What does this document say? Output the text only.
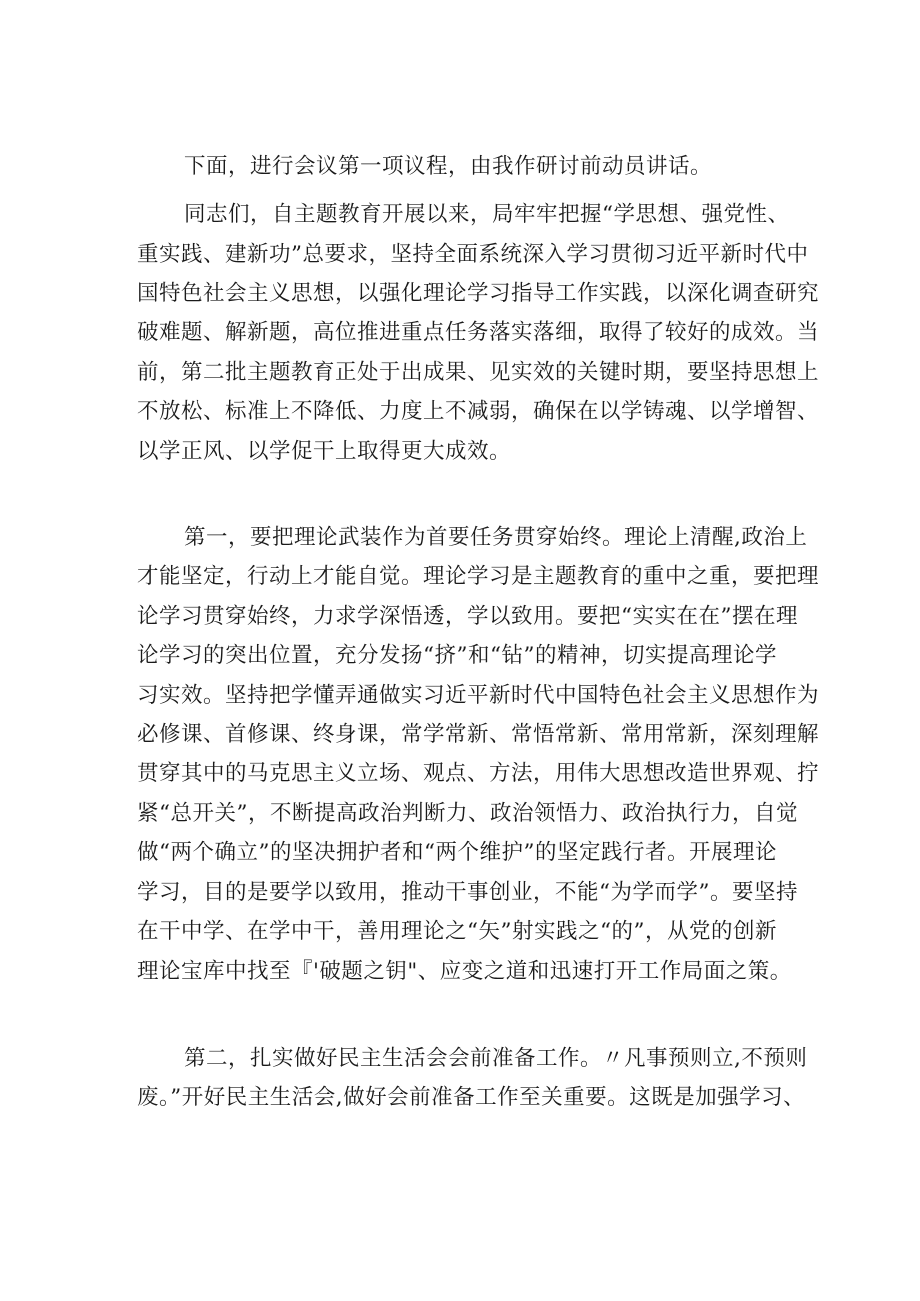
下面，进行会议第一项议程，由我作研讨前动员讲话。
同志们，自主题教育开展以来，局牢牢把握“学思想、强党性、
重实践、建新功”总要求，坚持全面系统深入学习贯彻习近平新时代中
国特色社会主义思想，以强化理论学习指导工作实践，以深化调查研究
破难题、解新题，高位推进重点任务落实落细，取得了较好的成效。当
前，第二批主题教育正处于出成果、见实效的关键时期，要坚持思想上
不放松、标准上不降低、力度上不减弱，确保在以学铸魂、以学增智、
以学正风、以学促干上取得更大成效。
第一，要把理论武装作为首要任务贯穿始终。理论上清醒,政治上
才能坚定，行动上才能自觉。理论学习是主题教育的重中之重，要把理
论学习贯穿始终，力求学深悟透，学以致用。要把“实实在在”摆在理
论学习的突出位置，充分发扬“挤”和“钻”的精神，切实提高理论学
习实效。坚持把学懂弄通做实习近平新时代中国特色社会主义思想作为
必修课、首修课、终身课，常学常新、常悟常新、常用常新，深刻理解
贯穿其中的马克思主义立场、观点、方法，用伟大思想改造世界观、拧
紧“总开关”，不断提高政治判断力、政治领悟力、政治执行力，自觉
做“两个确立”的坚决拥护者和“两个维护”的坚定践行者。开展理论
学习，目的是要学以致用，推动干事创业，不能“为学而学”。要坚持
在干中学、在学中干，善用理论之“矢”射实践之“的”，从党的创新
理论宝库中找至『'破题之钥"、应变之道和迅速打开工作局面之策。
第二，扎实做好民主生活会会前准备工作。〃凡事预则立,不预则
废。”开好民主生活会,做好会前准备工作至关重要。这既是加强学习、
